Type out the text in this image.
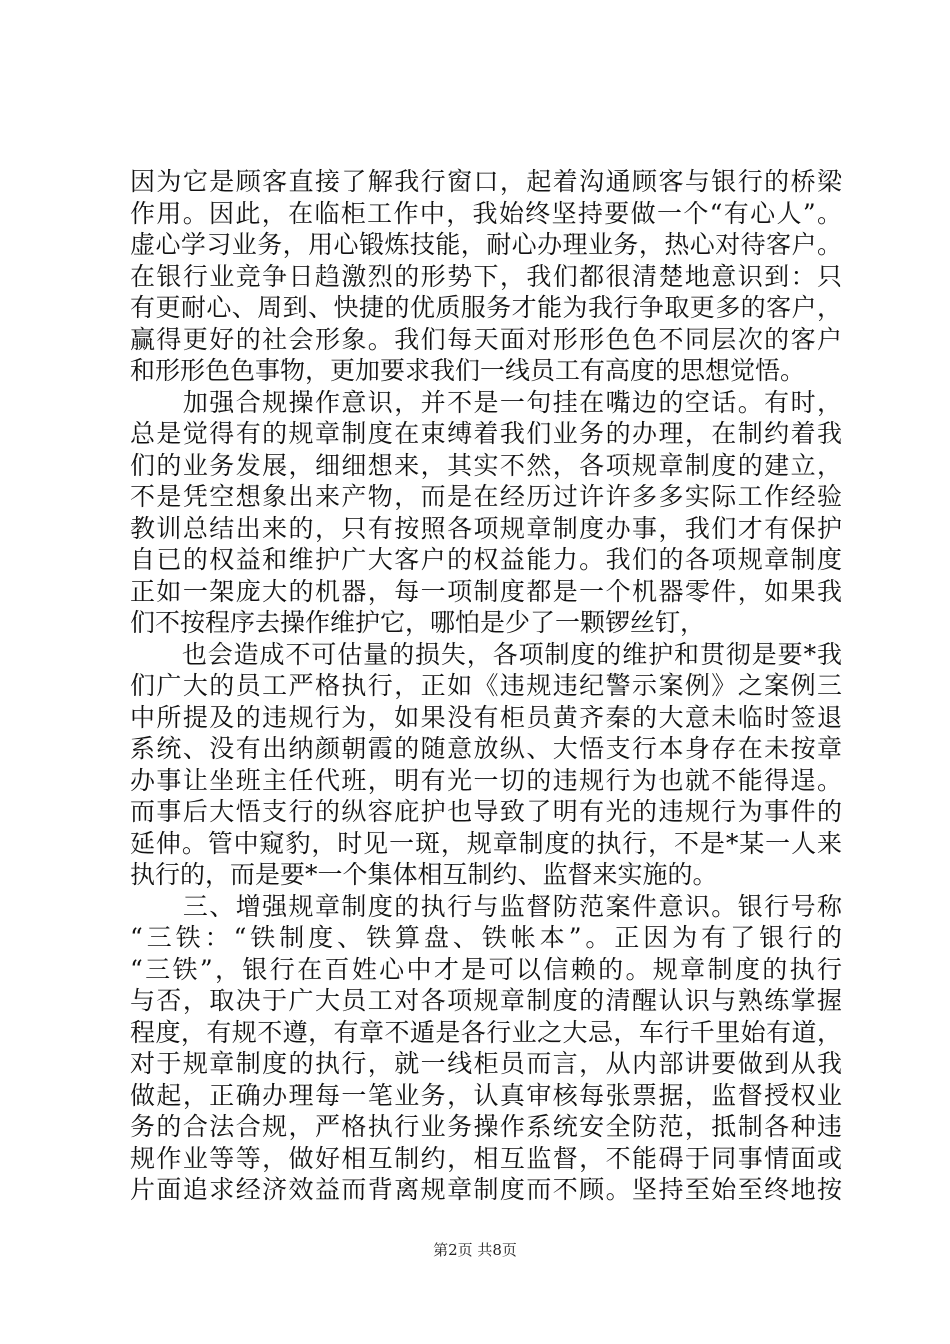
因为它是顾客直接了解我行窗口，起着沟通顾客与银行的桥梁
作用。因此，在临柜工作中，我始终坚持要做一个“有心人”。
虚心学习业务，用心锻炼技能，耐心办理业务，热心对待客户。
在银行业竞争日趋激烈的形势下，我们都很清楚地意识到：只
有更耐心、周到、快捷的优质服务才能为我行争取更多的客户，
赢得更好的社会形象。我们每天面对形形色色不同层次的客户
和形形色色事物，更加要求我们一线员工有高度的思想觉悟。
　　加强合规操作意识，并不是一句挂在嘴边的空话。有时，
总是觉得有的规章制度在束缚着我们业务的办理，在制约着我
们的业务发展，细细想来，其实不然，各项规章制度的建立，
不是凭空想象出来产物，而是在经历过许许多多实际工作经验
教训总结出来的，只有按照各项规章制度办事，我们才有保护
自已的权益和维护广大客户的权益能力。我们的各项规章制度
正如一架庞大的机器，每一项制度都是一个机器零件，如果我
们不按程序去操作维护它，哪怕是少了一颗锣丝钉，
　　也会造成不可估量的损失，各项制度的维护和贯彻是要*我
们广大的员工严格执行，正如《违规违纪警示案例》之案例三
中所提及的违规行为，如果没有柜员黄齐秦的大意未临时签退
系统、没有出纳颜朝霞的随意放纵、大悟支行本身存在未按章
办事让坐班主任代班，明有光一切的违规行为也就不能得逞。
而事后大悟支行的纵容庇护也导致了明有光的违规行为事件的
延伸。管中窥豹，时见一斑，规章制度的执行，不是*某一人来
执行的，而是要*一个集体相互制约、监督来实施的。
　　三、增强规章制度的执行与监督防范案件意识。银行号称
“三铁：“铁制度、铁算盘、铁帐本”。正因为有了银行的
“三铁”，银行在百姓心中才是可以信赖的。规章制度的执行
与否，取决于广大员工对各项规章制度的清醒认识与熟练掌握
程度，有规不遵，有章不遁是各行业之大忌，车行千里始有道，
对于规章制度的执行，就一线柜员而言，从内部讲要做到从我
做起，正确办理每一笔业务，认真审核每张票据，监督授权业
务的合法合规，严格执行业务操作系统安全防范，抵制各种违
规作业等等，做好相互制约，相互监督，不能碍于同事情面或
片面追求经济效益而背离规章制度而不顾。坚持至始至终地按
第2页 共8页
